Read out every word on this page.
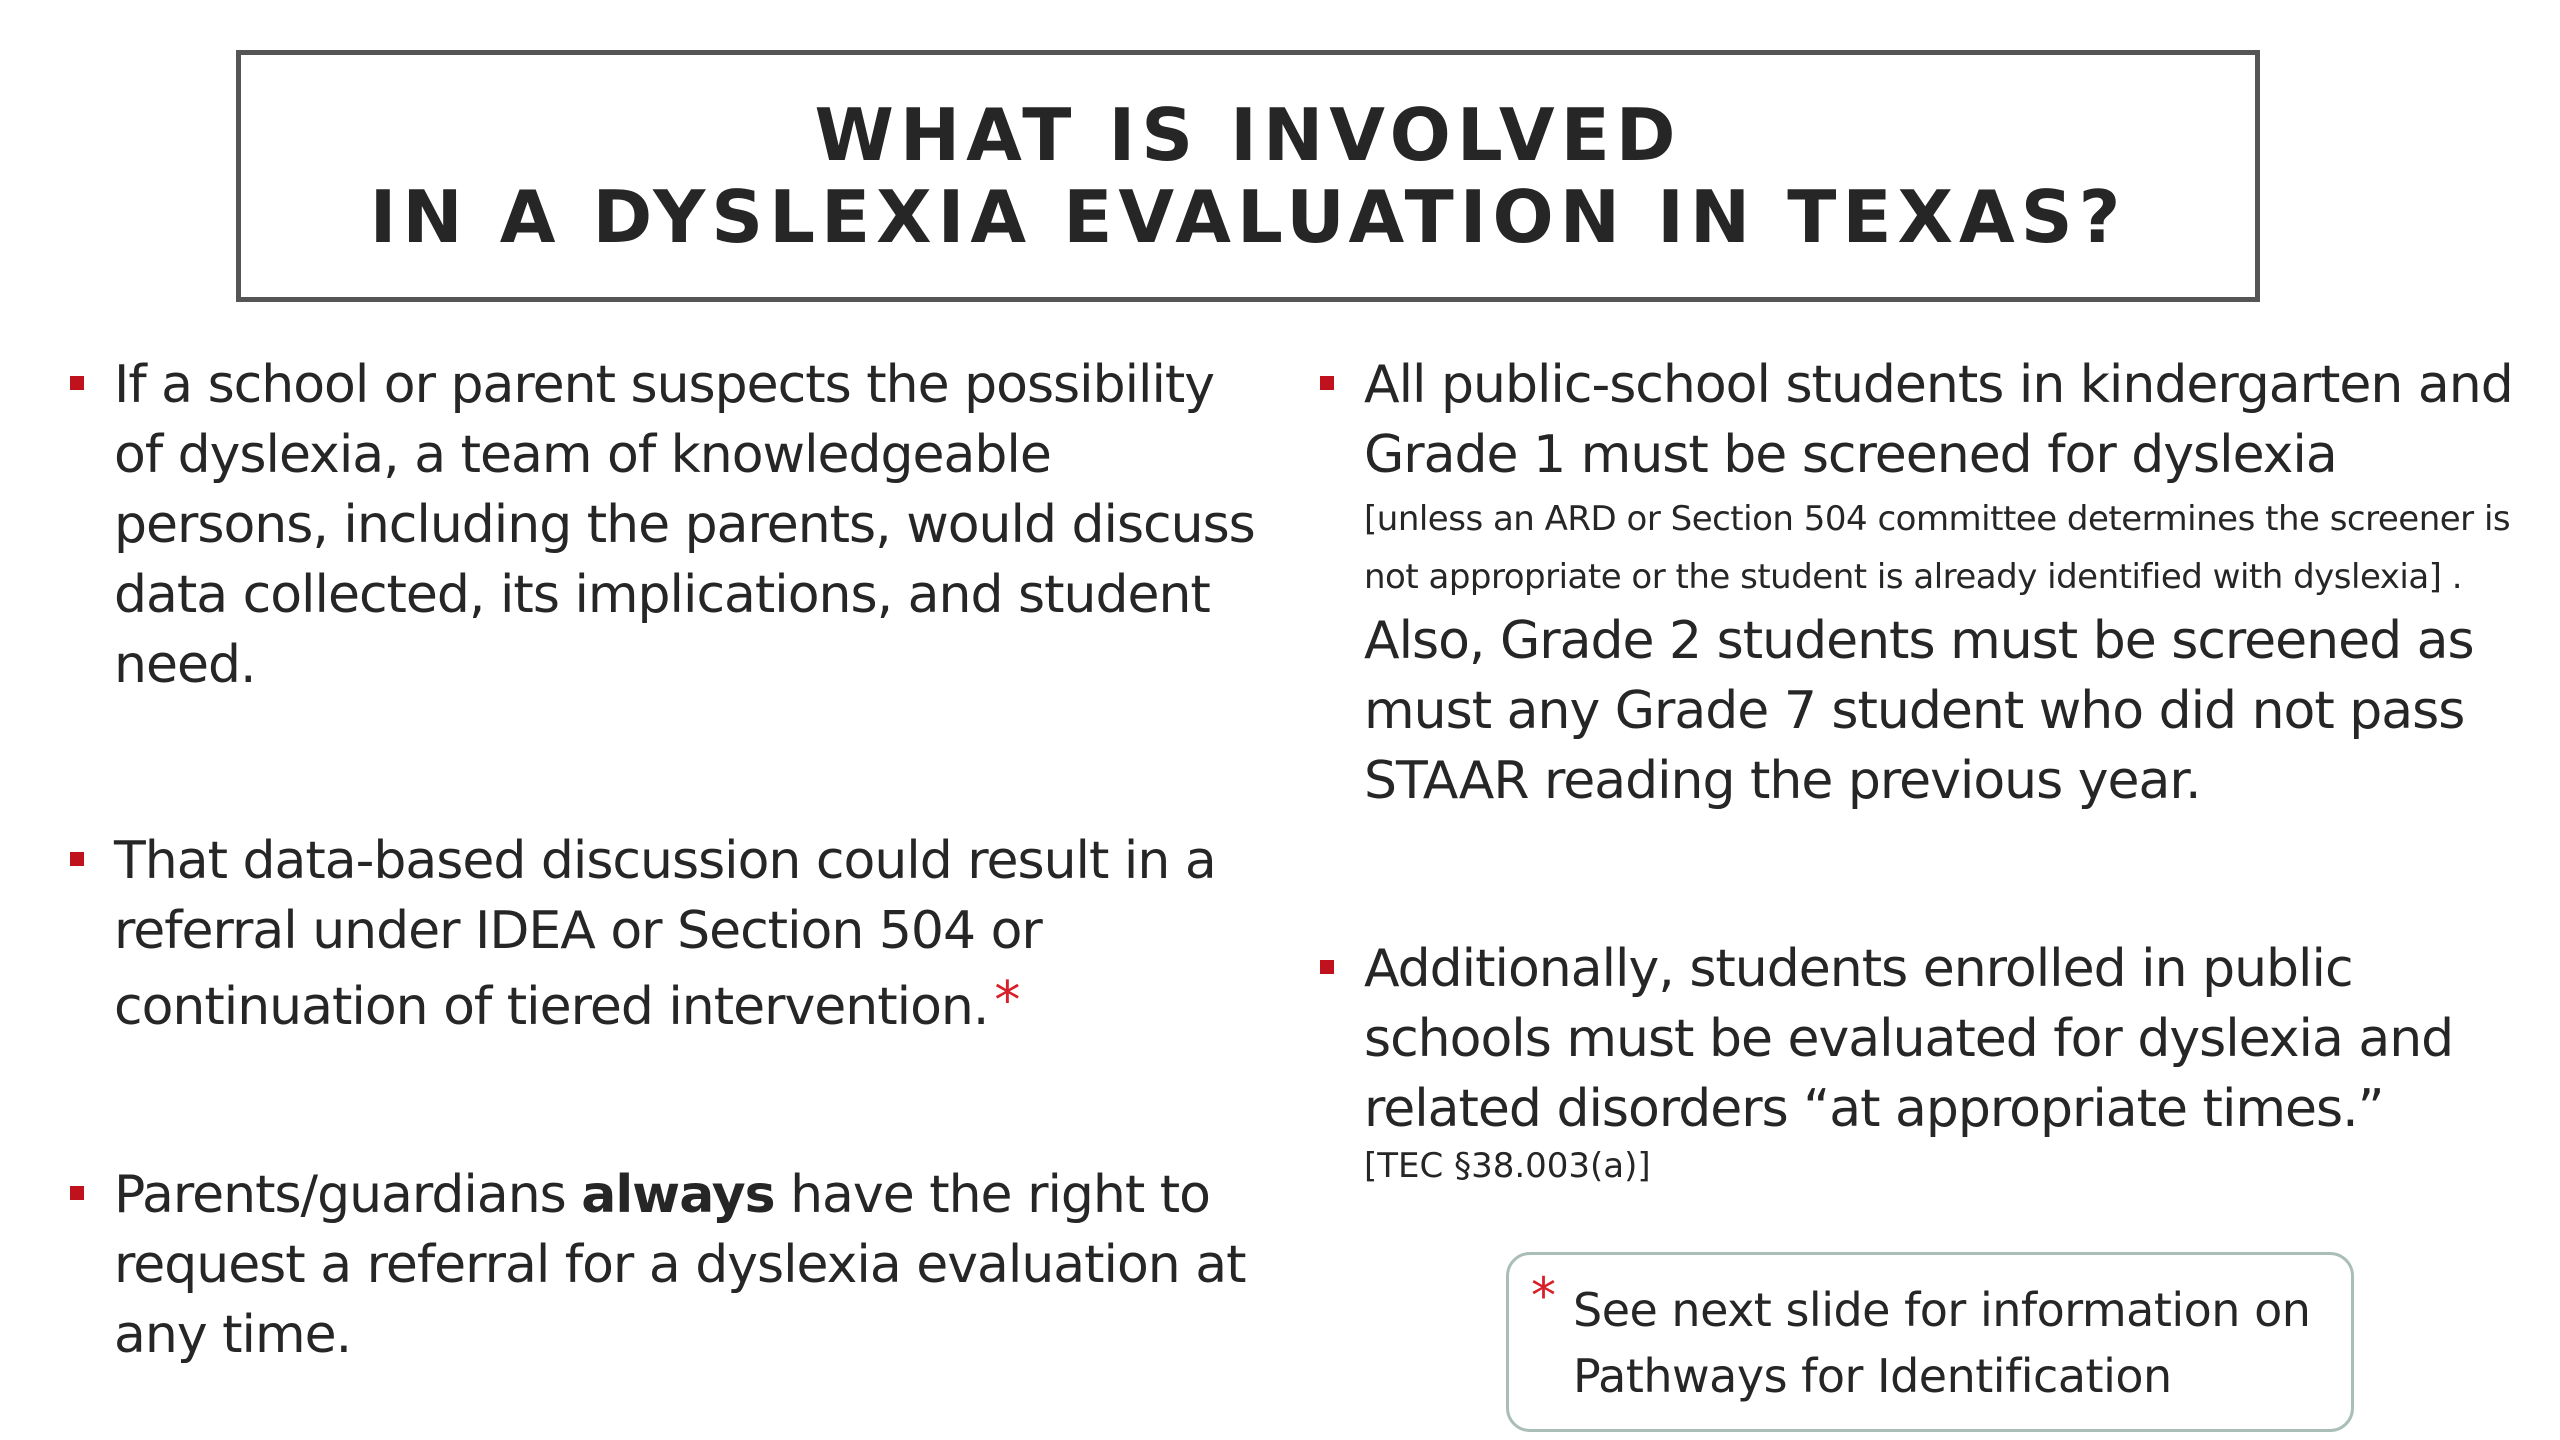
WHAT IS INVOLVED
IN A DYSLEXIA EVALUATION IN TEXAS?
If a school or parent suspects the possibility of dyslexia, a team of knowledgeable persons, including the parents, would discuss data collected, its implications, and student need.
That data-based discussion could result in a referral under IDEA or Section 504 or continuation of tiered intervention. *
Parents/guardians always have the right to request a referral for a dyslexia evaluation at any time.
All public-school students in kindergarten and Grade 1 must be screened for dyslexia
[unless an ARD or Section 504 committee determines the screener is not appropriate or the student is already identified with dyslexia] .
Also, Grade 2 students must be screened as must any Grade 7 student who did not pass STAAR reading the previous year.
Additionally, students enrolled in public schools must be evaluated for dyslexia and related disorders “at appropriate times.”
[TEC §38.003(a)]
* See next slide for information on Pathways for Identification
